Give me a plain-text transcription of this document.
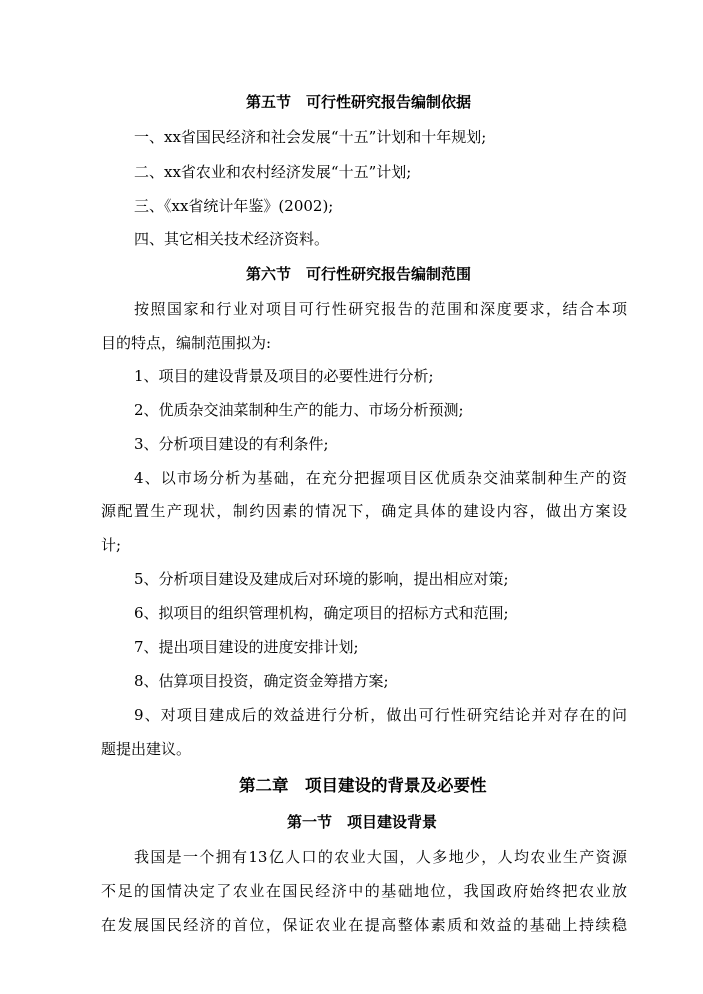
第五节　可行性研究报告编制依据
一、xx省国民经济和社会发展“十五”计划和十年规划;
二、xx省农业和农村经济发展“十五”计划;
三、《xx省统计年鉴》(2002);
四、其它相关技术经济资料。
第六节　可行性研究报告编制范围
按照国家和行业对项目可行性研究报告的范围和深度要求，结合本项
目的特点，编制范围拟为:
1、项目的建设背景及项目的必要性进行分析;
2、优质杂交油菜制种生产的能力、市场分析预测;
3、分析项目建设的有利条件;
4、以市场分析为基础，在充分把握项目区优质杂交油菜制种生产的资
源配置生产现状，制约因素的情况下，确定具体的建设内容，做出方案设
计;
5、分析项目建设及建成后对环境的影响，提出相应对策;
6、拟项目的组织管理机构，确定项目的招标方式和范围;
7、提出项目建设的进度安排计划;
8、估算项目投资，确定资金筹措方案;
9、对项目建成后的效益进行分析，做出可行性研究结论并对存在的问
题提出建议。
第二章　项目建设的背景及必要性
第一节　项目建设背景
我国是一个拥有13亿人口的农业大国，人多地少，人均农业生产资源
不足的国情决定了农业在国民经济中的基础地位，我国政府始终把农业放
在发展国民经济的首位，保证农业在提高整体素质和效益的基础上持续稳
